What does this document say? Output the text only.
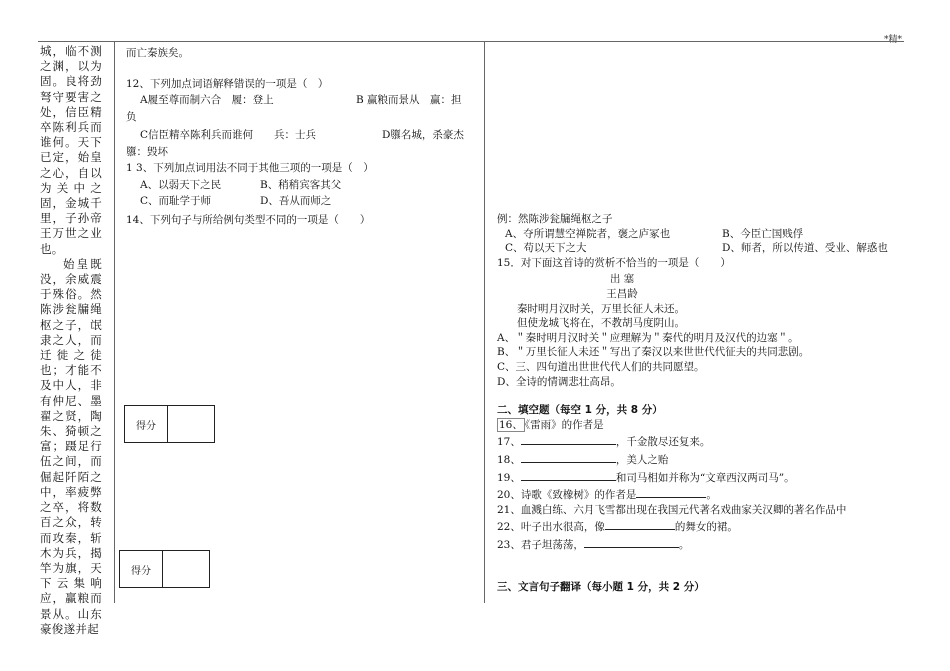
*精*

城，临不测之渊，以为固。良将劲弩守要害之处，信臣精卒陈利兵而谁何。天下已定，始皇之心，自以为关中之固，金城千里，子孙帝王万世之业也。

始皇既没，余威震于殊俗。然陈涉瓮牖绳枢之子，氓隶之人，而迁徙之徒也；才能不及中人，非有仲尼、墨翟之贤，陶朱、猗顿之富；蹑足行伍之间，而倔起阡陌之中，率疲弊之卒，将数百之众，转而攻秦，斩木为兵，揭竿为旗，天下云集响应，赢粮而景从。山东豪俊遂并起

而亡秦族矣。
12、下列加点词语解释错误的一项是（　）
A履至尊而制六合　履：登上	B 赢粮而景从　赢：担
负
C信臣精卒陈利兵而谁何　　兵：士兵	D隳名城，杀豪杰
隳：毁坏
1 3、下列加点词用法不同于其他三项的一项是（　）
A、以弱天下之民	B、稍稍宾客其父
C、而耻学于师	D、吾从而师之
14、下列句子与所给例句类型不同的一项是（　　）
得分
得分
例：然陈涉瓮牖绳枢之子
A、夺所谓慧空禅院者，褒之庐冢也	B、今臣亡国贱俘
C、苟以天下之大	D、师者，所以传道、受业、解惑也
15．对下面这首诗的赏析不恰当的一项是（　　）
出 塞
王昌龄
秦时明月汉时关，万里长征人未还。
但使龙城飞将在，不教胡马度阴山。
A、＂秦时明月汉时关＂应理解为＂秦代的明月及汉代的边塞＂。
B、＂万里长征人未还＂写出了秦汉以来世世代代征夫的共同悲剧。
C、三、四句道出世世代代人们的共同愿望。
D、全诗的情调悲壮高昂。
二、填空题（每空 1 分，共 8 分）
16、 《雷雨》的作者是
17、	，千金散尽还复来。
18、	，美人之贻
19、	和司马相如并称为“文章西汉两司马”。
20、诗歌《致橡树》的作者是	。
21、血溅白练、六月飞雪都出现在我国元代著名戏曲家关汉卿的著名作品中
22、叶子出水很高，像	的舞女的裙。
23、君子坦荡荡，	。
三、文言句子翻译（每小题 1 分，共 2 分）
